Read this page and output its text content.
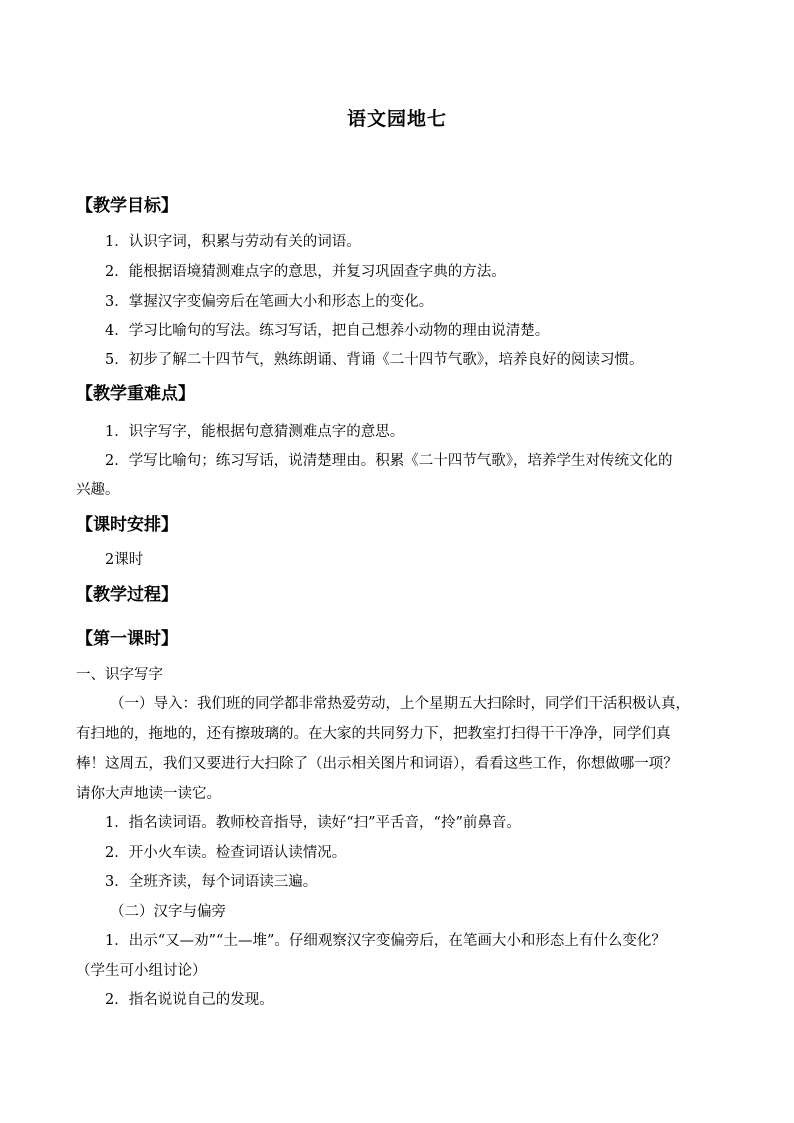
语文园地七
【教学目标】
1．认识字词，积累与劳动有关的词语。
2．能根据语境猜测难点字的意思，并复习巩固查字典的方法。
3．掌握汉字变偏旁后在笔画大小和形态上的变化。
4．学习比喻句的写法。练习写话，把自己想养小动物的理由说清楚。
5．初步了解二十四节气，熟练朗诵、背诵《二十四节气歌》，培养良好的阅读习惯。
【教学重难点】
1．识字写字，能根据句意猜测难点字的意思。
2．学写比喻句；练习写话，说清楚理由。积累《二十四节气歌》，培养学生对传统文化的
兴趣。
【课时安排】
2课时
【教学过程】
【第一课时】
一、识字写字
（一）导入：我们班的同学都非常热爱劳动，上个星期五大扫除时，同学们干活积极认真，
有扫地的，拖地的，还有擦玻璃的。在大家的共同努力下，把教室打扫得干干净净，同学们真
棒！这周五，我们又要进行大扫除了（出示相关图片和词语），看看这些工作，你想做哪一项？
请你大声地读一读它。
1．指名读词语。教师校音指导，读好“扫”平舌音，“拎”前鼻音。
2．开小火车读。检查词语认读情况。
3．全班齐读，每个词语读三遍。
（二）汉字与偏旁
1．出示“又—劝”“土—堆”。仔细观察汉字变偏旁后，在笔画大小和形态上有什么变化？
（学生可小组讨论）
2．指名说说自己的发现。
